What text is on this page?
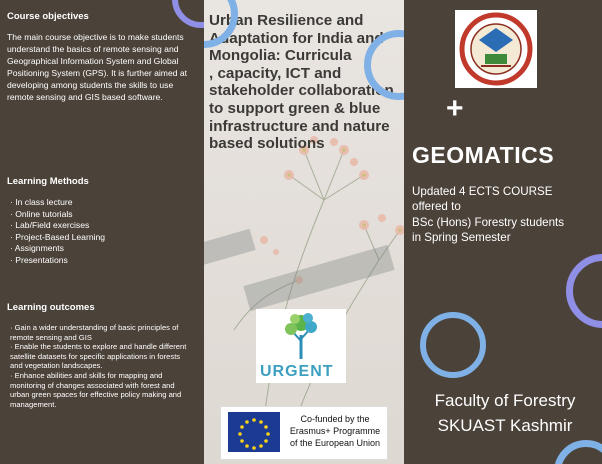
Course objectives

The main course objective is to make students understand the basics of remote sensing and Geographical Information System and Global Positioning System (GPS). It is further aimed at developing among students the skills to use remote sensing and GIS based software.

Learning Methods
· In class lecture
· Online tutorials
· Lab/Field exercises
· Project-Based Learning
· Assignments
· Presentations
Learning outcomes
· Gain a wider understanding of basic principles of remote sensing and GIS
· Enable the students to explore and handle different satellite datasets for specific applications in forests and vegetation landscapes.
· Enhance abilities and skills for mapping and monitoring of changes associated with forest and urban green spaces for effective policy making and management.
Urban Resilience and Adaptation for India and Mongolia: Curricula
, capacity, ICT and stakeholder collaboration to support green & blue infrastructure and nature
based solutions
URGENT
Co-funded by the Erasmus+ Programme of the European Union
+
GEOMATICS
Updated 4 ECTS COURSE
offered to
BSc (Hons) Forestry students
in Spring Semester
Faculty of Forestry
SKUAST Kashmir
